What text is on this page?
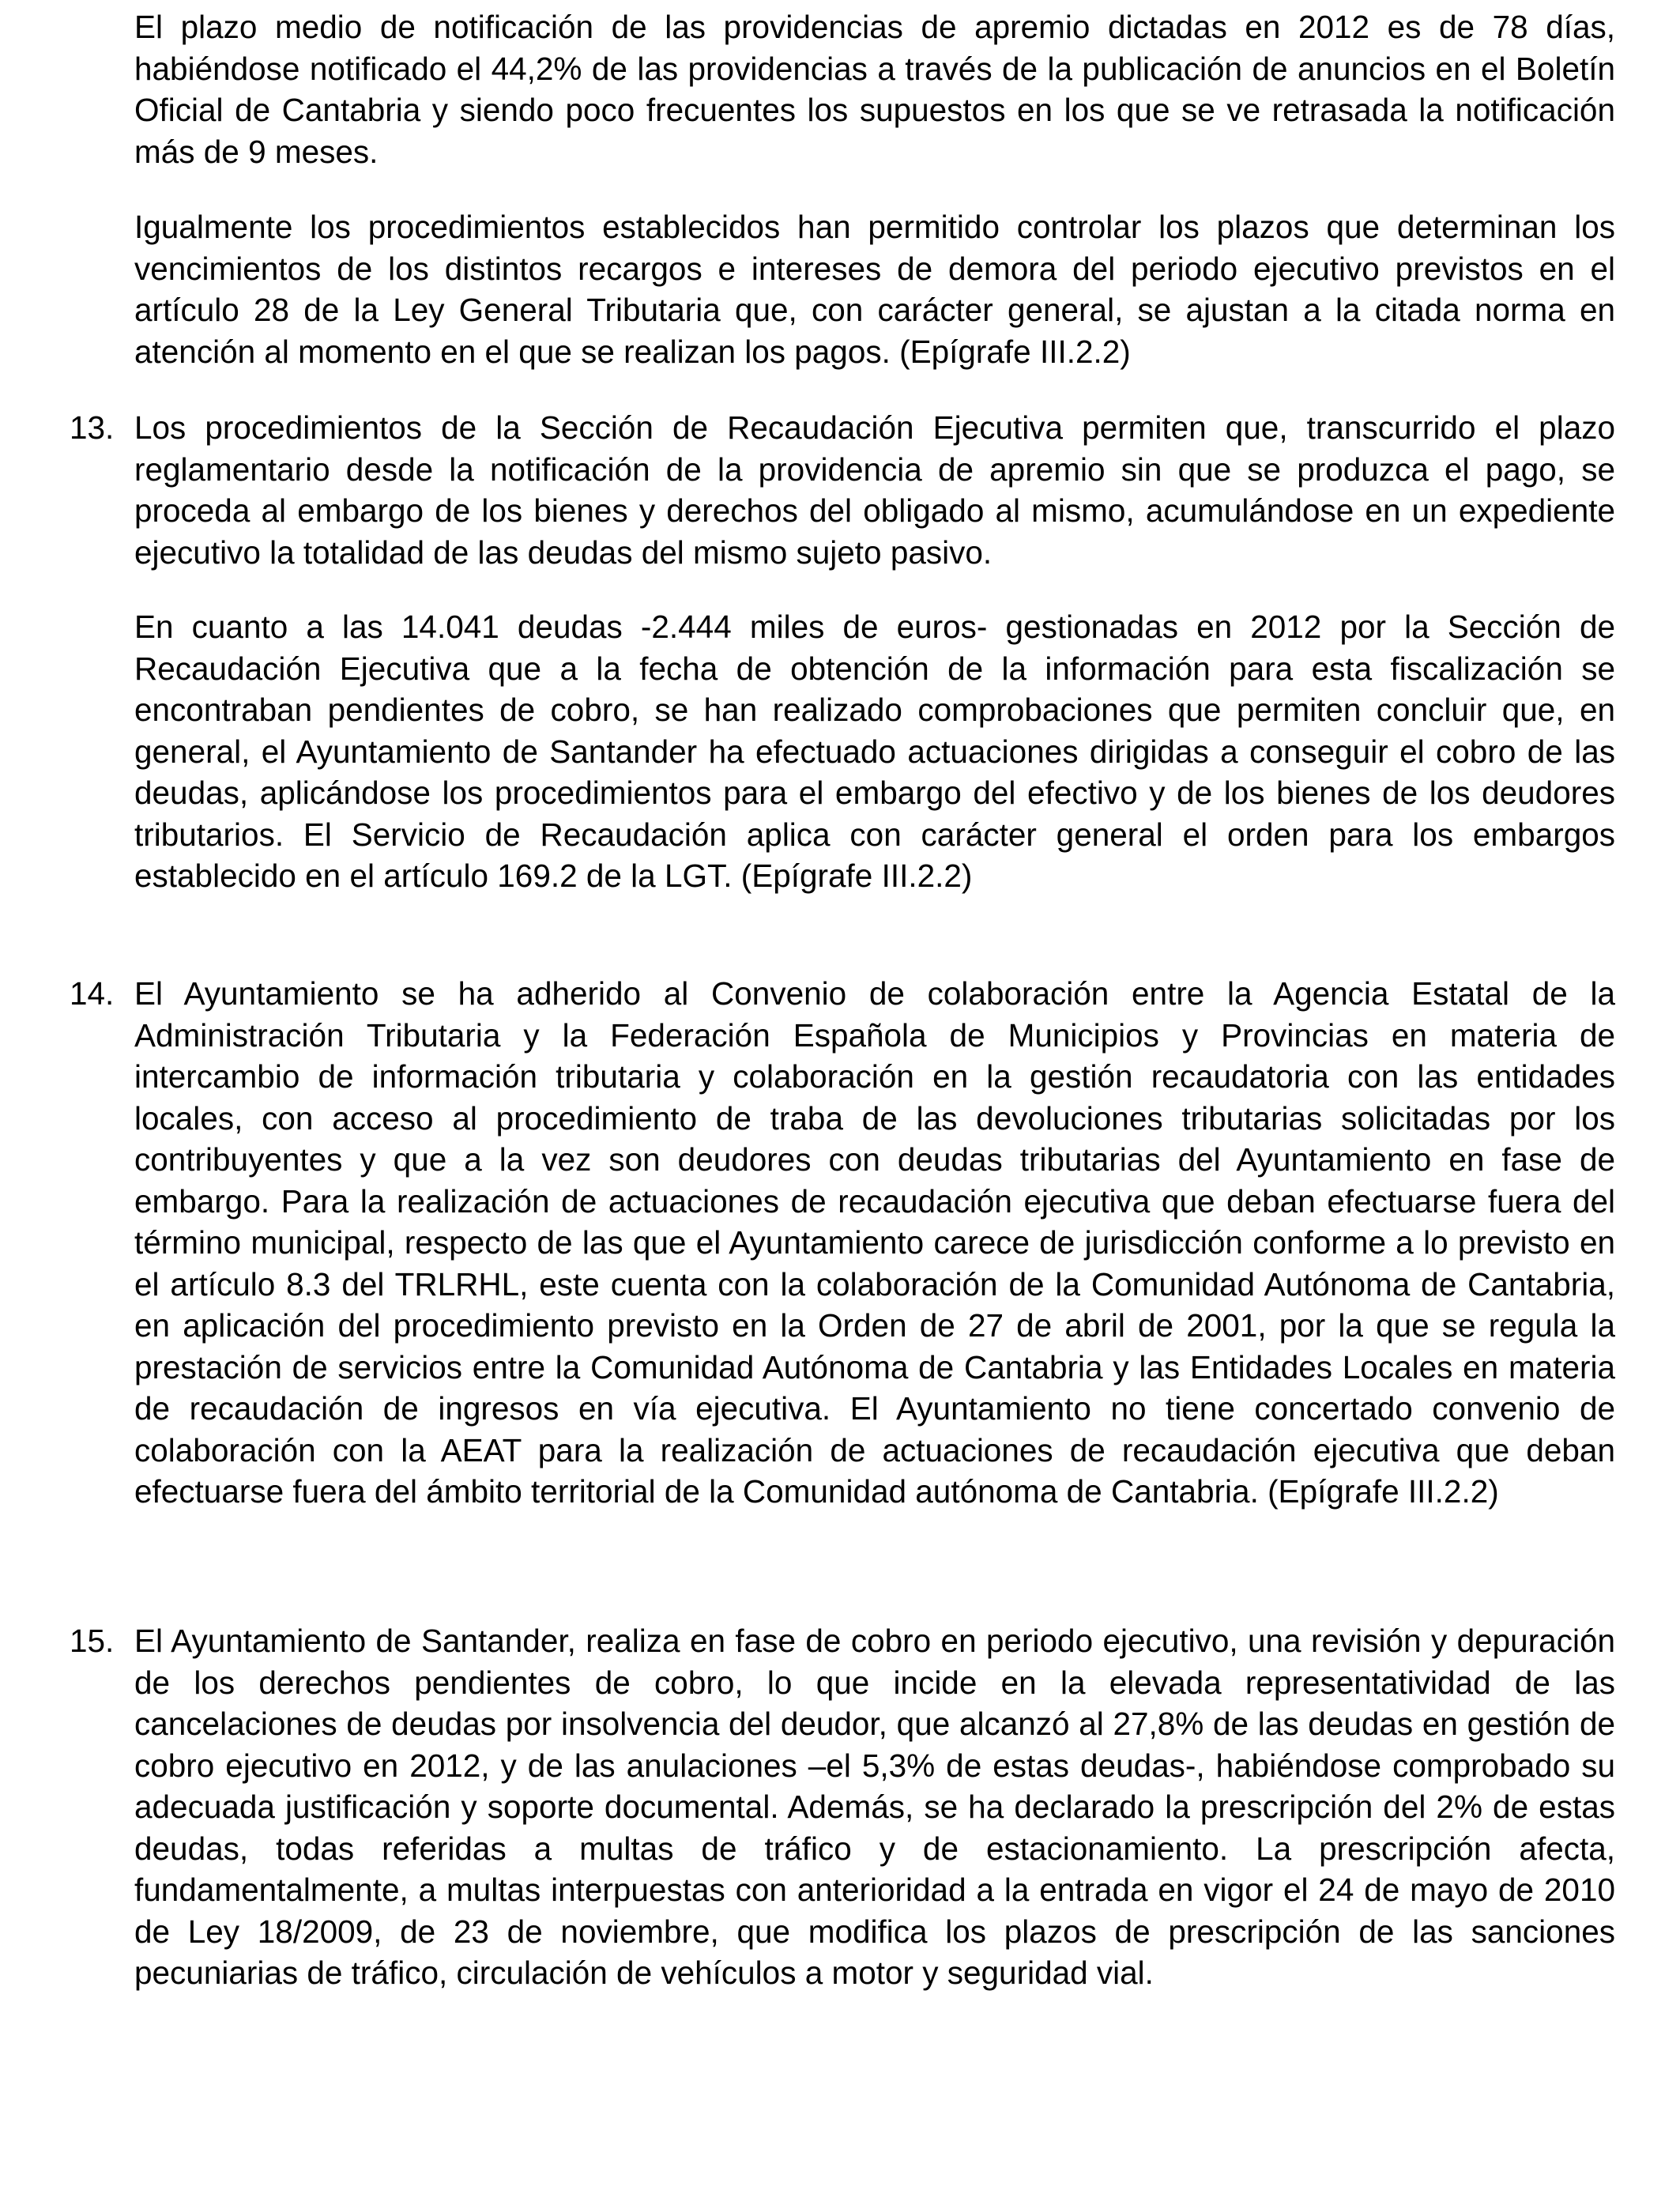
El plazo medio de notificación de las providencias de apremio dictadas en 2012 es de 78 días, habiéndose notificado el 44,2% de las providencias a través de la publicación de anuncios en el Boletín Oficial de Cantabria y siendo poco frecuentes los supuestos en los que se ve retrasada la notificación más de 9 meses.

Igualmente los procedimientos establecidos han permitido controlar los plazos que determinan los vencimientos de los distintos recargos e intereses de demora del periodo ejecutivo previstos en el artículo 28 de la Ley General Tributaria que, con carácter general, se ajustan a la citada norma en atención al momento en el que se realizan los pagos. (Epígrafe III.2.2)

13. Los procedimientos de la Sección de Recaudación Ejecutiva permiten que, transcurrido el plazo reglamentario desde la notificación de la providencia de apremio sin que se produzca el pago, se proceda al embargo de los bienes y derechos del obligado al mismo, acumulándose en un expediente ejecutivo la totalidad de las deudas del mismo sujeto pasivo.

En cuanto a las 14.041 deudas -2.444 miles de euros- gestionadas en 2012 por la Sección de Recaudación Ejecutiva que a la fecha de obtención de la información para esta fiscalización se encontraban pendientes de cobro, se han realizado comprobaciones que permiten concluir que, en general, el Ayuntamiento de Santander ha efectuado actuaciones dirigidas a conseguir el cobro de las deudas, aplicándose los procedimientos para el embargo del efectivo y de los bienes de los deudores tributarios. El Servicio de Recaudación aplica con carácter general el orden para los embargos establecido en el artículo 169.2 de la LGT. (Epígrafe III.2.2)

14. El Ayuntamiento se ha adherido al Convenio de colaboración entre la Agencia Estatal de la Administración Tributaria y la Federación Española de Municipios y Provincias en materia de intercambio de información tributaria y colaboración en la gestión recaudatoria con las entidades locales, con acceso al procedimiento de traba de las devoluciones tributarias solicitadas por los contribuyentes y que a la vez son deudores con deudas tributarias del Ayuntamiento en fase de embargo. Para la realización de actuaciones de recaudación ejecutiva que deban efectuarse fuera del término municipal, respecto de las que el Ayuntamiento carece de jurisdicción conforme a lo previsto en el artículo 8.3 del TRLRHL, este cuenta con la colaboración de la Comunidad Autónoma de Cantabria, en aplicación del procedimiento previsto en la Orden de 27 de abril de 2001, por la que se regula la prestación de servicios entre la Comunidad Autónoma de Cantabria y las Entidades Locales en materia de recaudación de ingresos en vía ejecutiva. El Ayuntamiento no tiene concertado convenio de colaboración con la AEAT para la realización de actuaciones de recaudación ejecutiva que deban efectuarse fuera del ámbito territorial de la Comunidad autónoma de Cantabria. (Epígrafe III.2.2)

15. El Ayuntamiento de Santander, realiza en fase de cobro en periodo ejecutivo, una revisión y depuración de los derechos pendientes de cobro, lo que incide en la elevada representatividad de las cancelaciones de deudas por insolvencia del deudor, que alcanzó al 27,8% de las deudas en gestión de cobro ejecutivo en 2012, y de las anulaciones –el 5,3% de estas deudas-, habiéndose comprobado su adecuada justificación y soporte documental. Además, se ha declarado la prescripción del 2% de estas deudas, todas referidas a multas de tráfico y de estacionamiento. La prescripción afecta, fundamentalmente, a multas interpuestas con anterioridad a la entrada en vigor el 24 de mayo de 2010 de Ley 18/2009, de 23 de noviembre, que modifica los plazos de prescripción de las sanciones pecuniarias de tráfico, circulación de vehículos a motor y seguridad vial.
